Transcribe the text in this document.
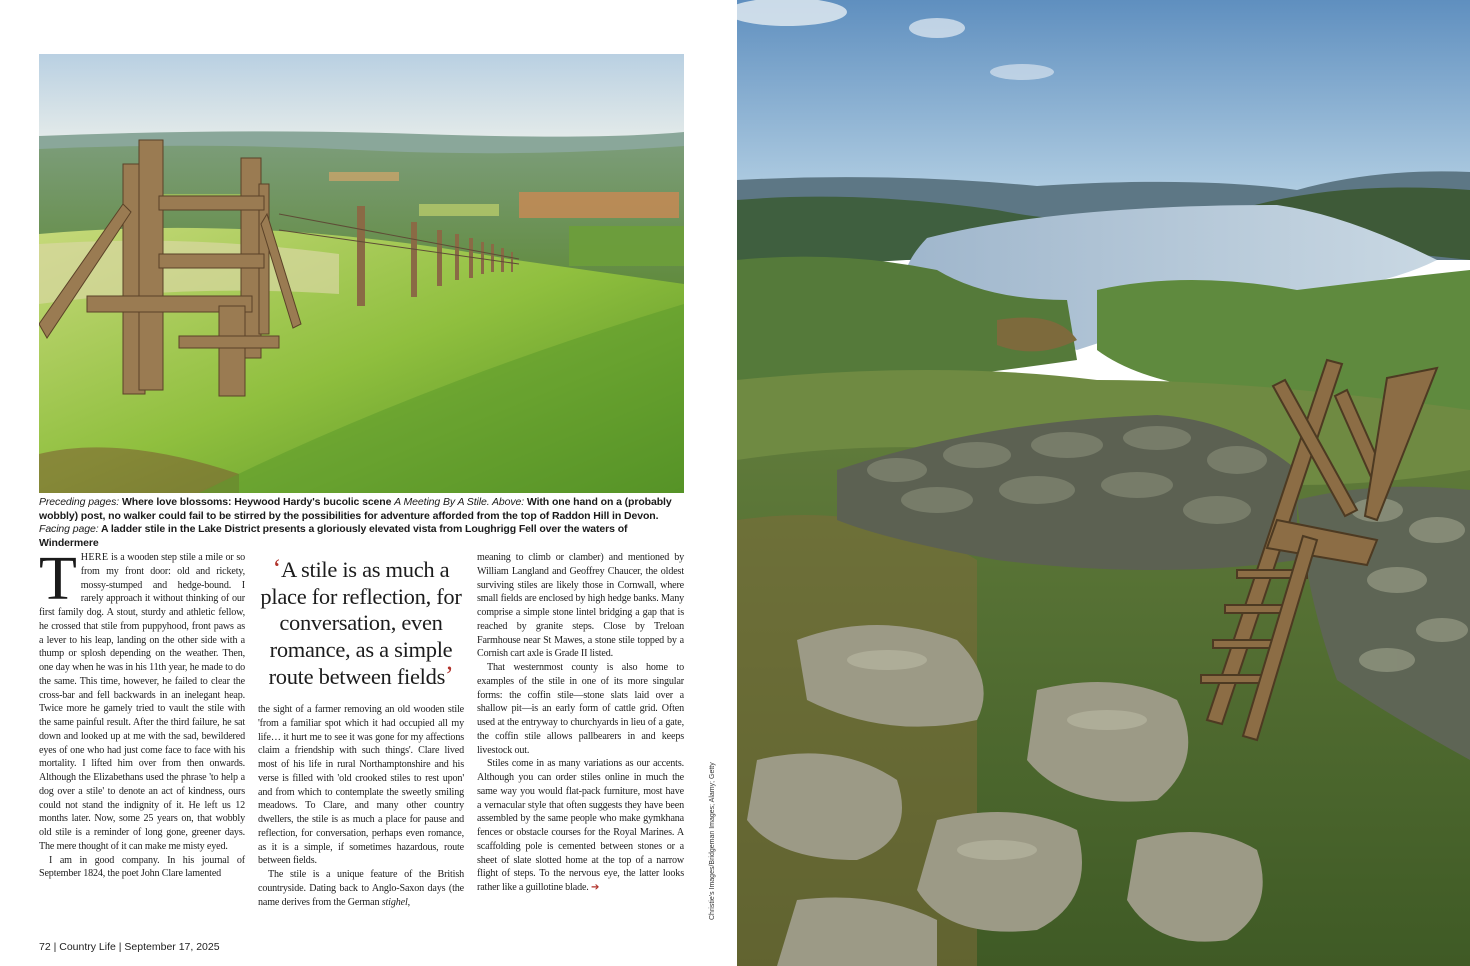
Preceding pages: Where love blossoms: Heywood Hardy's bucolic scene A Meeting By A Stile. Above: With one hand on a (probably wobbly) post, no walker could fail to be stirred by the possibilities for adventure afforded from the top of Raddon Hill in Devon. Facing page: A ladder stile in the Lake District presents a gloriously elevated vista from Loughrigg Fell over the waters of Windermere

THERE is a wooden step stile a mile or so from my front door: old and rickety, mossy-stumped and hedge-bound. I rarely approach it without thinking of our first family dog. A stout, sturdy and athletic fellow, he crossed that stile from puppyhood, front paws as a lever to his leap, landing on the other side with a thump or splosh depending on the weather. Then, one day when he was in his 11th year, he made to do the same. This time, however, he failed to clear the cross-bar and fell backwards in an inelegant heap. Twice more he gamely tried to vault the stile with the same painful result. After the third failure, he sat down and looked up at me with the sad, bewildered eyes of one who had just come face to face with his mortality. I lifted him over from then onwards. Although the Elizabethans used the phrase 'to help a dog over a stile' to denote an act of kindness, ours could not stand the indignity of it. He left us 12 months later. Now, some 25 years on, that wobbly old stile is a reminder of long gone, greener days. The mere thought of it can make me misty eyed.

I am in good company. In his journal of September 1824, the poet John Clare lamented

‘A stile is as much a place for reflection, for conversation, even romance, as a simple route between fields’

the sight of a farmer removing an old wooden stile 'from a familiar spot which it had occupied all my life… it hurt me to see it was gone for my affections claim a friendship with such things'. Clare lived most of his life in rural Northamptonshire and his verse is filled with 'old crooked stiles to rest upon' and from which to contemplate the sweetly smiling meadows. To Clare, and many other country dwellers, the stile is as much a place for pause and reflection, for conversation, perhaps even romance, as it is a simple, if sometimes hazardous, route between fields.

The stile is a unique feature of the British countryside. Dating back to Anglo-Saxon days (the name derives from the German stighel,

meaning to climb or clamber) and mentioned by William Langland and Geoffrey Chaucer, the oldest surviving stiles are likely those in Cornwall, where small fields are enclosed by high hedge banks. Many comprise a simple stone lintel bridging a gap that is reached by granite steps. Close by Treloan Farmhouse near St Mawes, a stone stile topped by a Cornish cart axle is Grade II listed.

That westernmost county is also home to examples of the stile in one of its more singular forms: the coffin stile—stone slats laid over a shallow pit—is an early form of cattle grid. Often used at the entryway to churchyards in lieu of a gate, the coffin stile allows pallbearers in and keeps livestock out.

Stiles come in as many variations as our accents. Although you can order stiles online in much the same way you would flat-pack furniture, most have a vernacular style that often suggests they have been assembled by the same people who make gymkhana fences or obstacle courses for the Royal Marines. A scaffolding pole is cemented between stones or a sheet of slate slotted home at the top of a narrow flight of steps. To the nervous eye, the latter looks rather like a guillotine blade. ➔

72 | Country Life | September 17, 2025
Christie's Images/Bridgeman Images; Alamy; Getty
